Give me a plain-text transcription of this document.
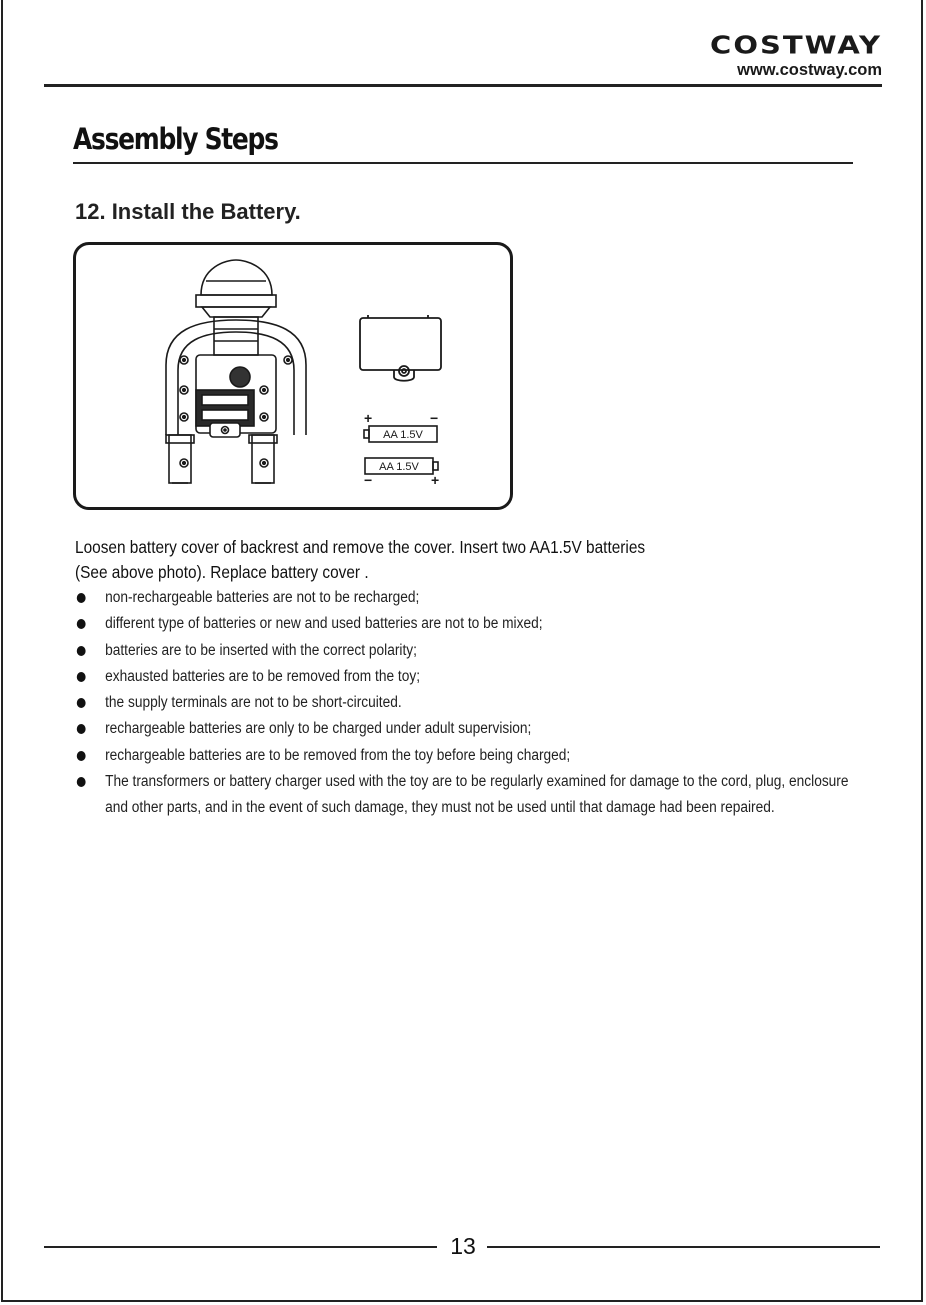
COSTWAY
www.costway.com
Assembly Steps
12. Install the Battery.
AA 1.5V
AA 1.5V
+	−
−	+

Loosen battery cover of backrest and remove the cover. Insert two AA1.5V batteries

(See above photo). Replace battery cover .

non-rechargeable batteries are not to be recharged;
different type of batteries or new and used batteries are not to be mixed;
batteries are to be inserted with the correct polarity;
exhausted batteries are to be removed from the toy;
the supply terminals are not to be short-circuited.
rechargeable batteries are only to be charged under adult supervision;
rechargeable batteries are to be removed from the toy before being charged;
The transformers or battery charger used with the toy are to be regularly examined for damage to the cord, plug, enclosure and other parts, and in the event of such damage, they must not be used until that damage had been repaired.
13
